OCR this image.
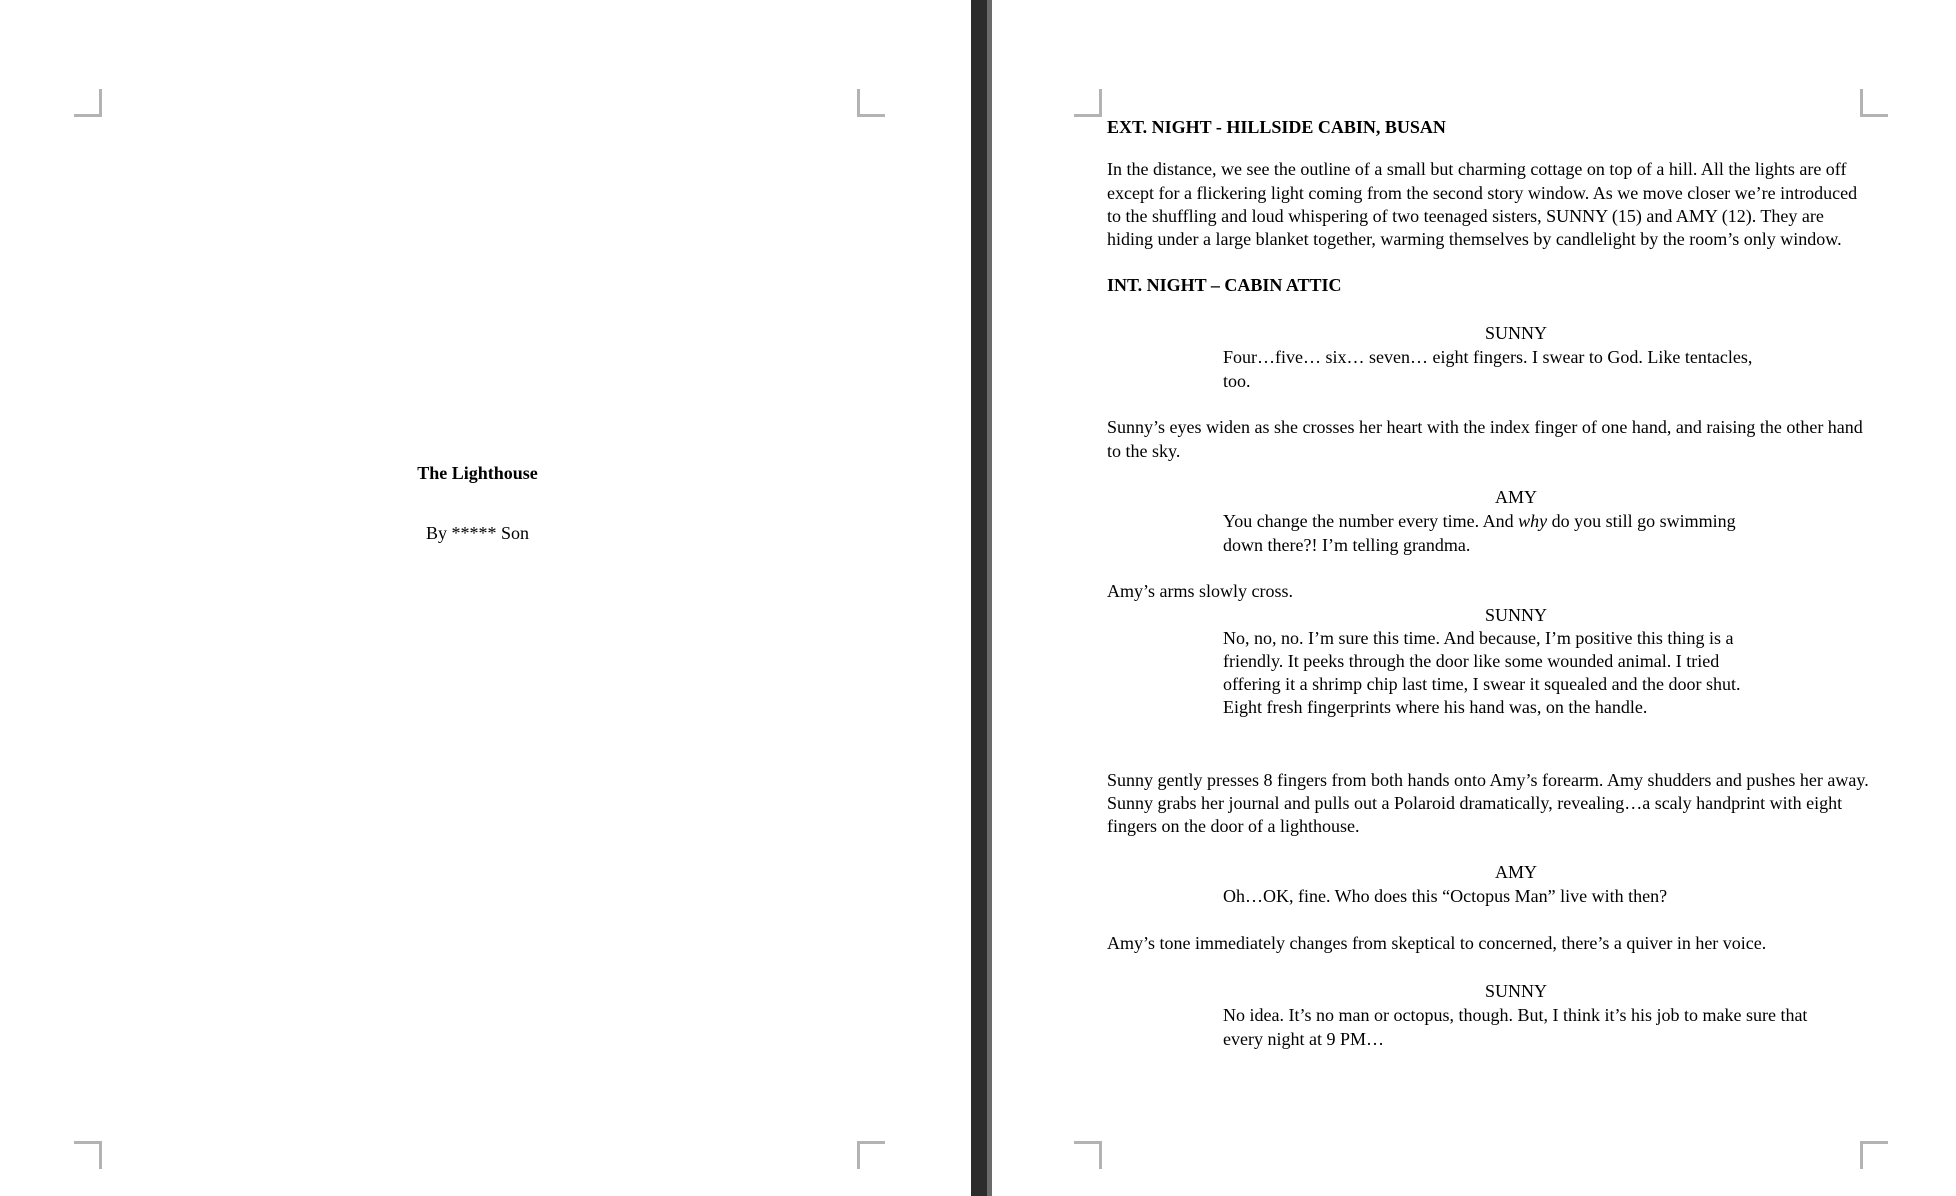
The Lighthouse
By ***** Son
EXT. NIGHT - HILLSIDE CABIN, BUSAN
In the distance, we see the outline of a small but charming cottage on top of a hill. All the lights are off
except for a flickering light coming from the second story window. As we move closer we’re introduced
to the shuffling and loud whispering of two teenaged sisters, SUNNY (15) and AMY (12). They are
hiding under a large blanket together, warming themselves by candlelight by the room’s only window.
INT. NIGHT – CABIN ATTIC
SUNNY
Four…five… six… seven… eight fingers. I swear to God. Like tentacles,
too.
Sunny’s eyes widen as she crosses her heart with the index finger of one hand, and raising the other hand
to the sky.
AMY
You change the number every time. And why do you still go swimming
down there?! I’m telling grandma.
Amy’s arms slowly cross.
SUNNY
No, no, no. I’m sure this time. And because, I’m positive this thing is a
friendly. It peeks through the door like some wounded animal. I tried
offering it a shrimp chip last time, I swear it squealed and the door shut.
Eight fresh fingerprints where his hand was, on the handle.
Sunny gently presses 8 fingers from both hands onto Amy’s forearm. Amy shudders and pushes her away.
Sunny grabs her journal and pulls out a Polaroid dramatically, revealing…a scaly handprint with eight
fingers on the door of a lighthouse.
AMY
Oh…OK, fine. Who does this “Octopus Man” live with then?
Amy’s tone immediately changes from skeptical to concerned, there’s a quiver in her voice.
SUNNY
No idea. It’s no man or octopus, though. But, I think it’s his job to make sure that
every night at 9 PM…
